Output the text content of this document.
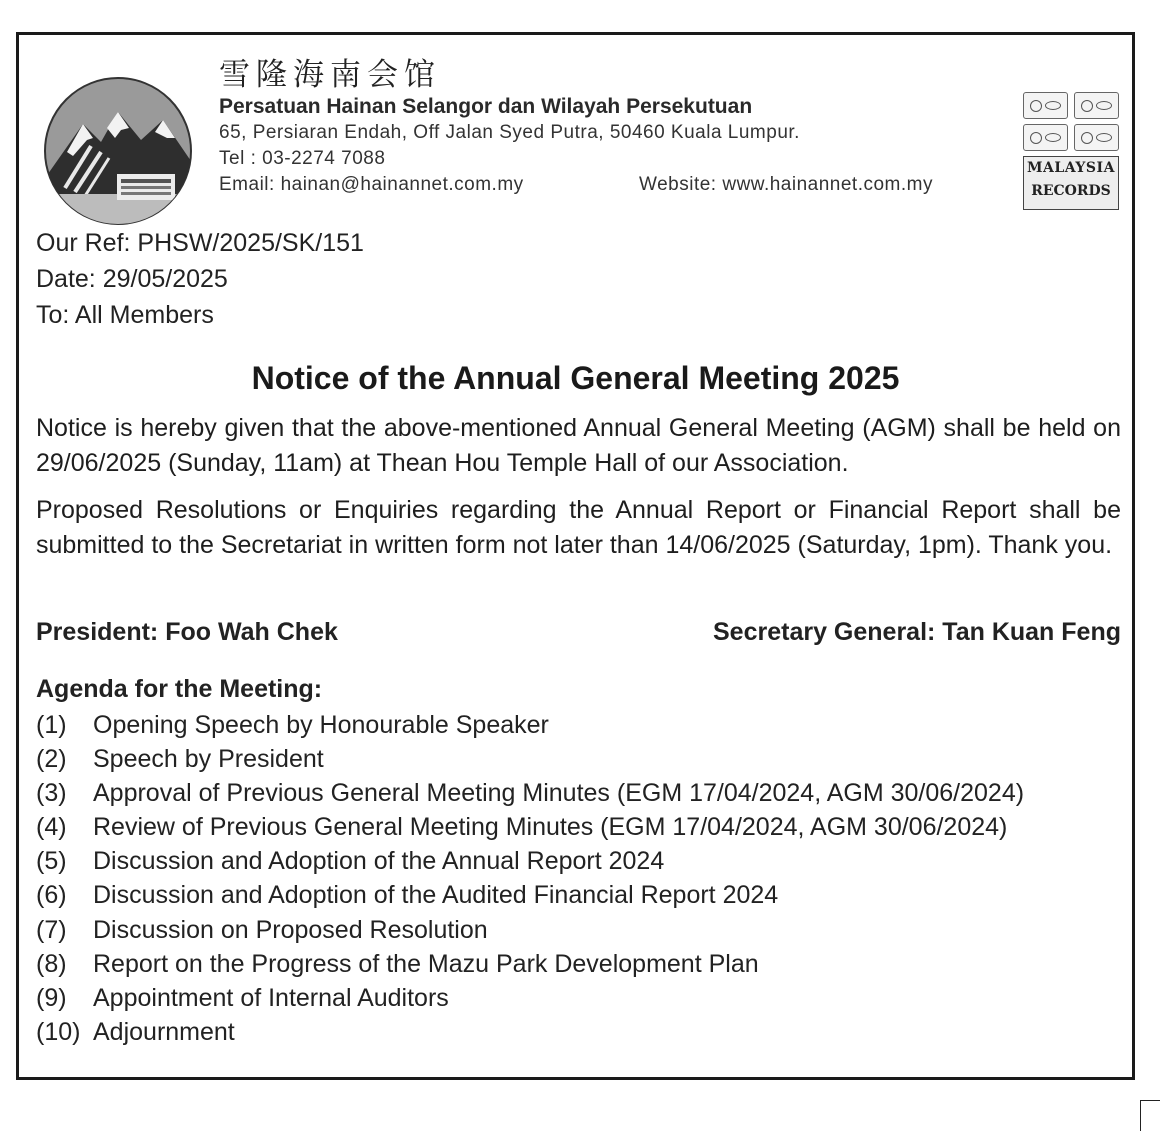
雪隆海南会馆
Persatuan Hainan Selangor dan Wilayah Persekutuan
65, Persiaran Endah, Off Jalan Syed Putra, 50460 Kuala Lumpur.
Tel : 03-2274 7088
Email: hainan@hainannet.com.my	Website: www.hainannet.com.my
MALAYSIA
RECORDS
Our Ref: PHSW/2025/SK/151
Date: 29/05/2025
To: All Members
Notice of the Annual General Meeting 2025
Notice is hereby given that the above-mentioned Annual General Meeting (AGM) shall be held on 29/06/2025 (Sunday, 11am) at Thean Hou Temple Hall of our Association.
Proposed Resolutions or Enquiries regarding the Annual Report or Financial Report shall be submitted to the Secretariat in written form not later than 14/06/2025 (Saturday, 1pm). Thank you.
President: Foo Wah Chek	Secretary General: Tan Kuan Feng
Agenda for the Meeting:
(1)	Opening Speech by Honourable Speaker
(2)	Speech by President
(3)	Approval of Previous General Meeting Minutes (EGM 17/04/2024, AGM 30/06/2024)
(4)	Review of Previous General Meeting Minutes (EGM 17/04/2024, AGM 30/06/2024)
(5)	Discussion and Adoption of the Annual Report 2024
(6)	Discussion and Adoption of the Audited Financial Report 2024
(7)	Discussion on Proposed Resolution
(8)	Report on the Progress of the Mazu Park Development Plan
(9)	Appointment of Internal Auditors
(10) Adjournment
